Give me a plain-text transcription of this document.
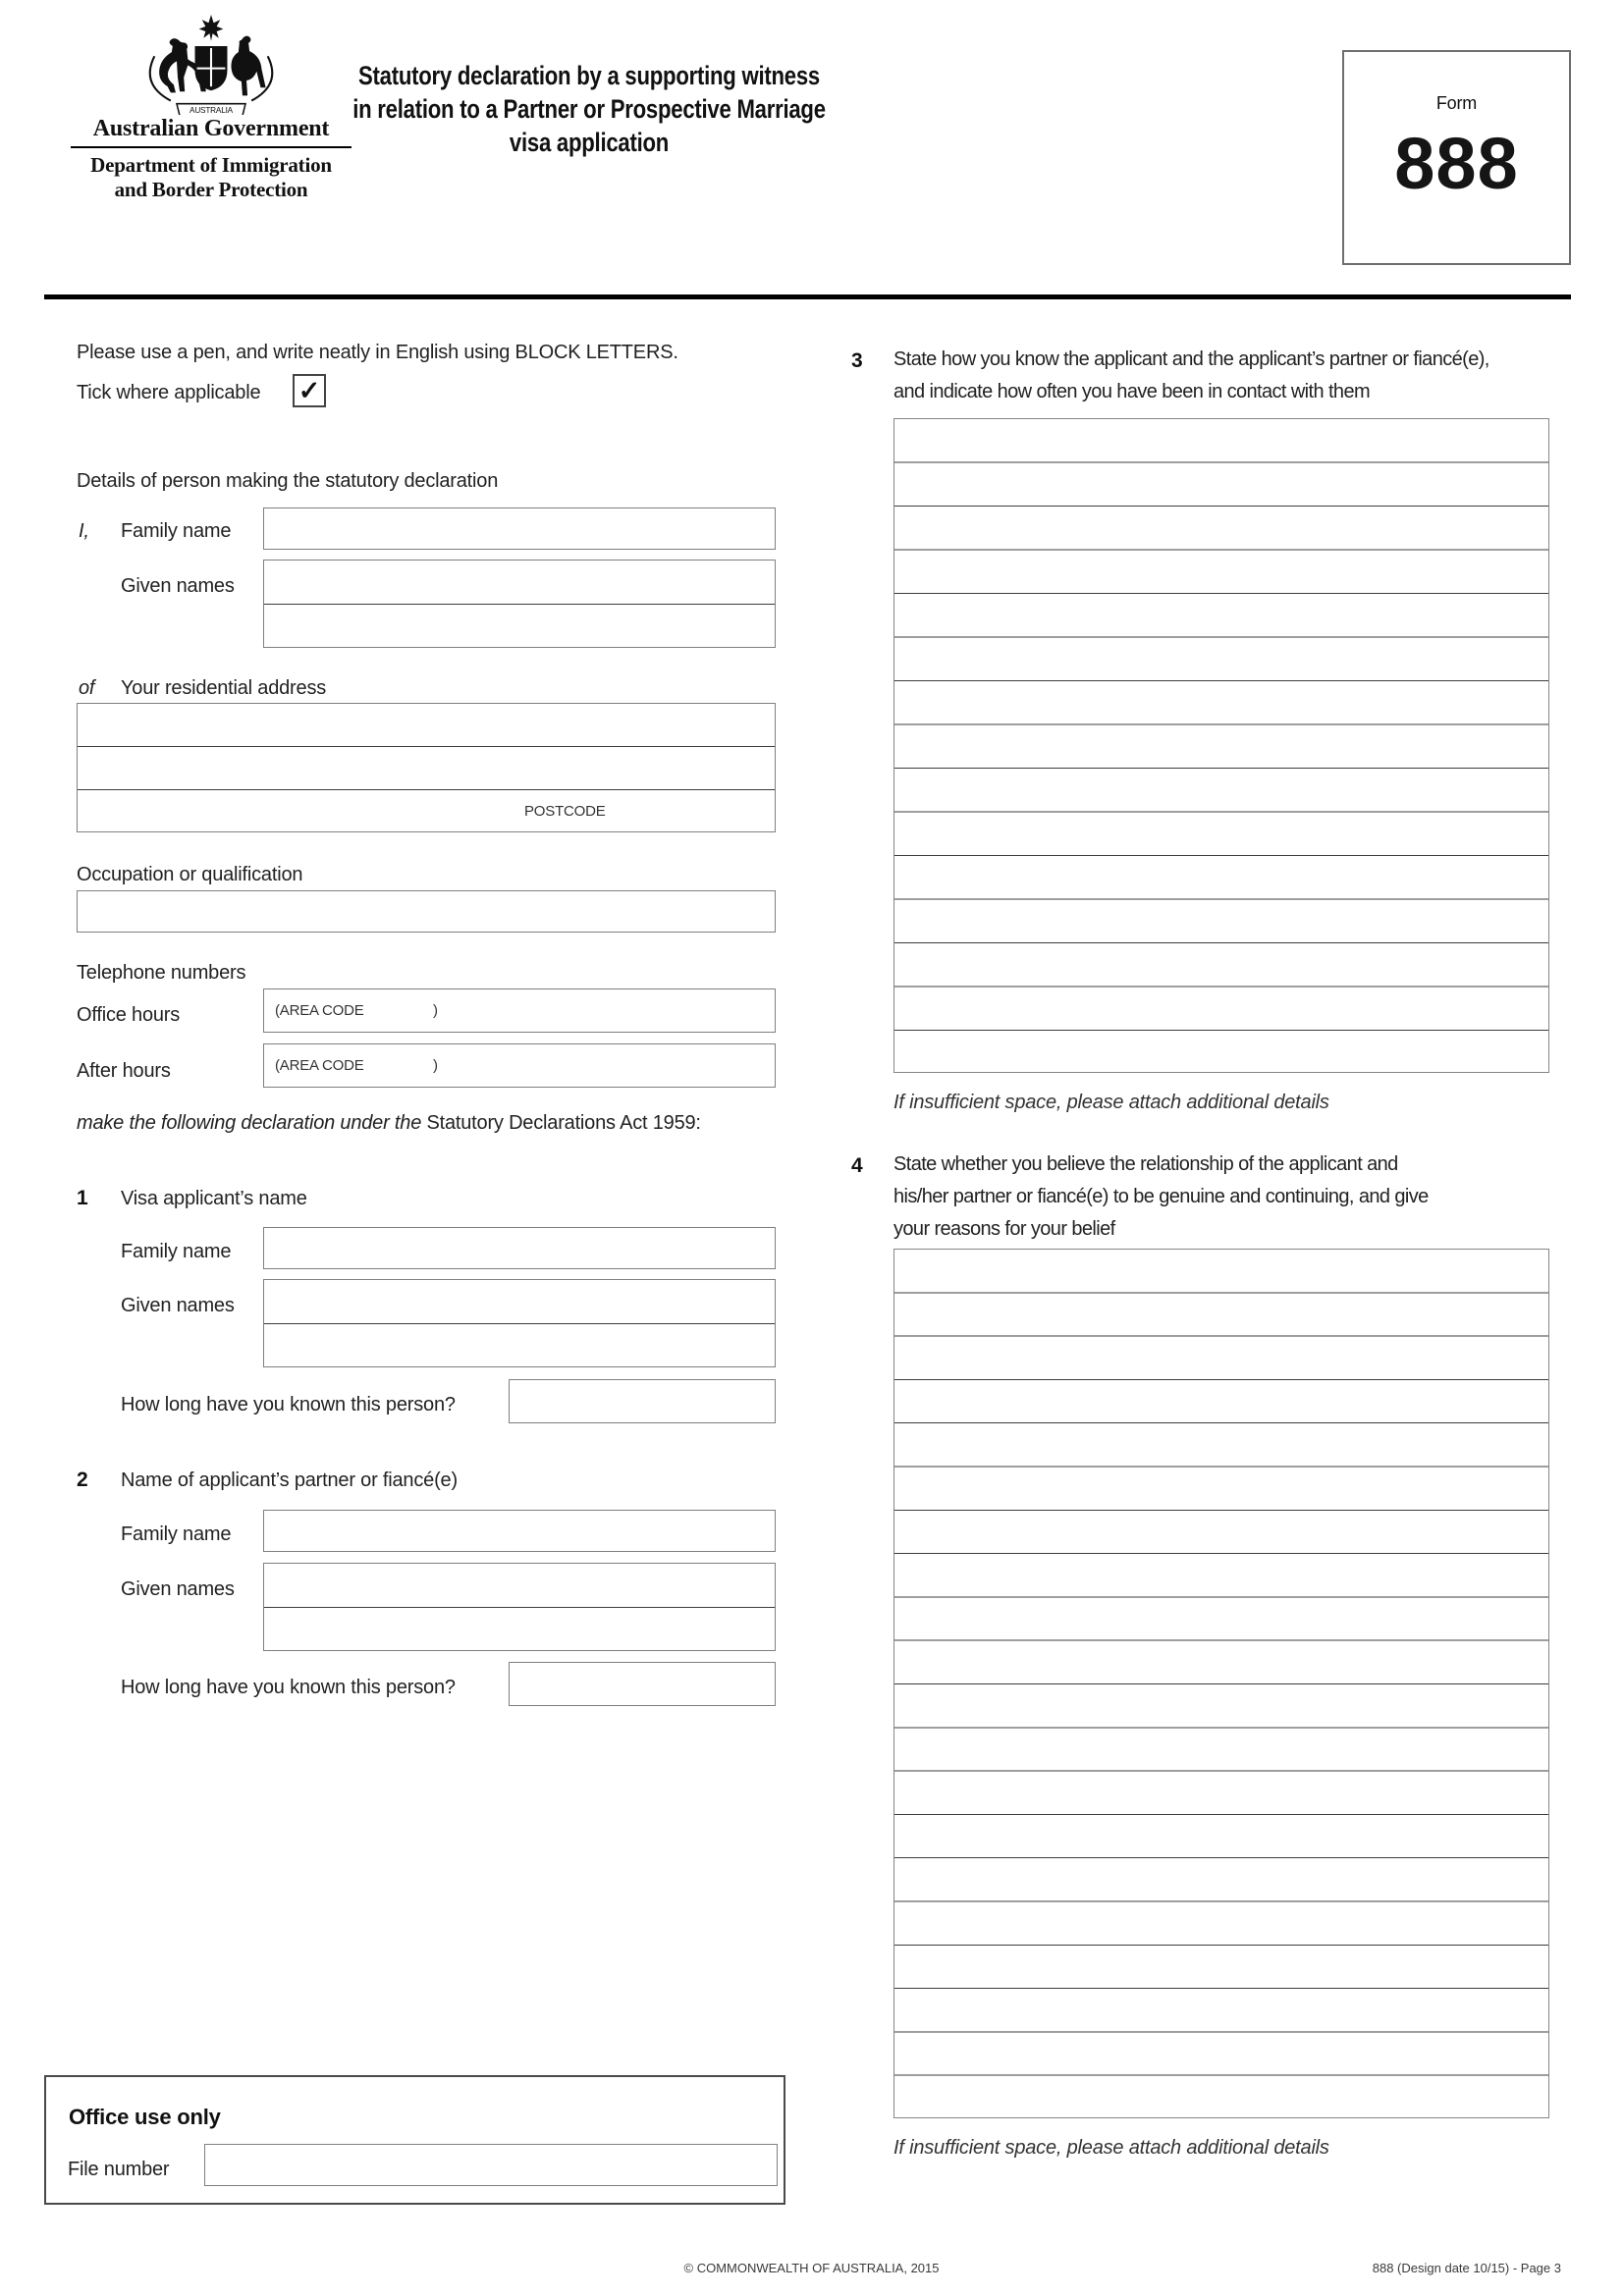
AUSTRALIA
Australian Government
Department of Immigration
and Border Protection
Statutory declaration by a supporting witness
in relation to a Partner or Prospective Marriage
visa application
Form
888
Please use a pen, and write neatly in English using BLOCK LETTERS.
Tick where applicable ✓
Details of person making the statutory declaration
I, Family name
Given names
of Your residential address
POSTCODE
Occupation or qualification
Telephone numbers
Office hours	(AREA CODE	)
After hours	(AREA CODE	)
make the following declaration under the Statutory Declarations Act 1959:
1 Visa applicant’s name
Family name
Given names
How long have you known this person?
2 Name of applicant’s partner or fiancé(e)
Family name
Given names
How long have you known this person?
Office use only
File number
3 State how you know the applicant and the applicant’s partner or fiancé(e),
and indicate how often you have been in contact with them
If insufficient space, please attach additional details
4 State whether you believe the relationship of the applicant and
his/her partner or fiancé(e) to be genuine and continuing, and give
your reasons for your belief
If insufficient space, please attach additional details
© COMMONWEALTH OF AUSTRALIA, 2015	888 (Design date 10/15) - Page 3
